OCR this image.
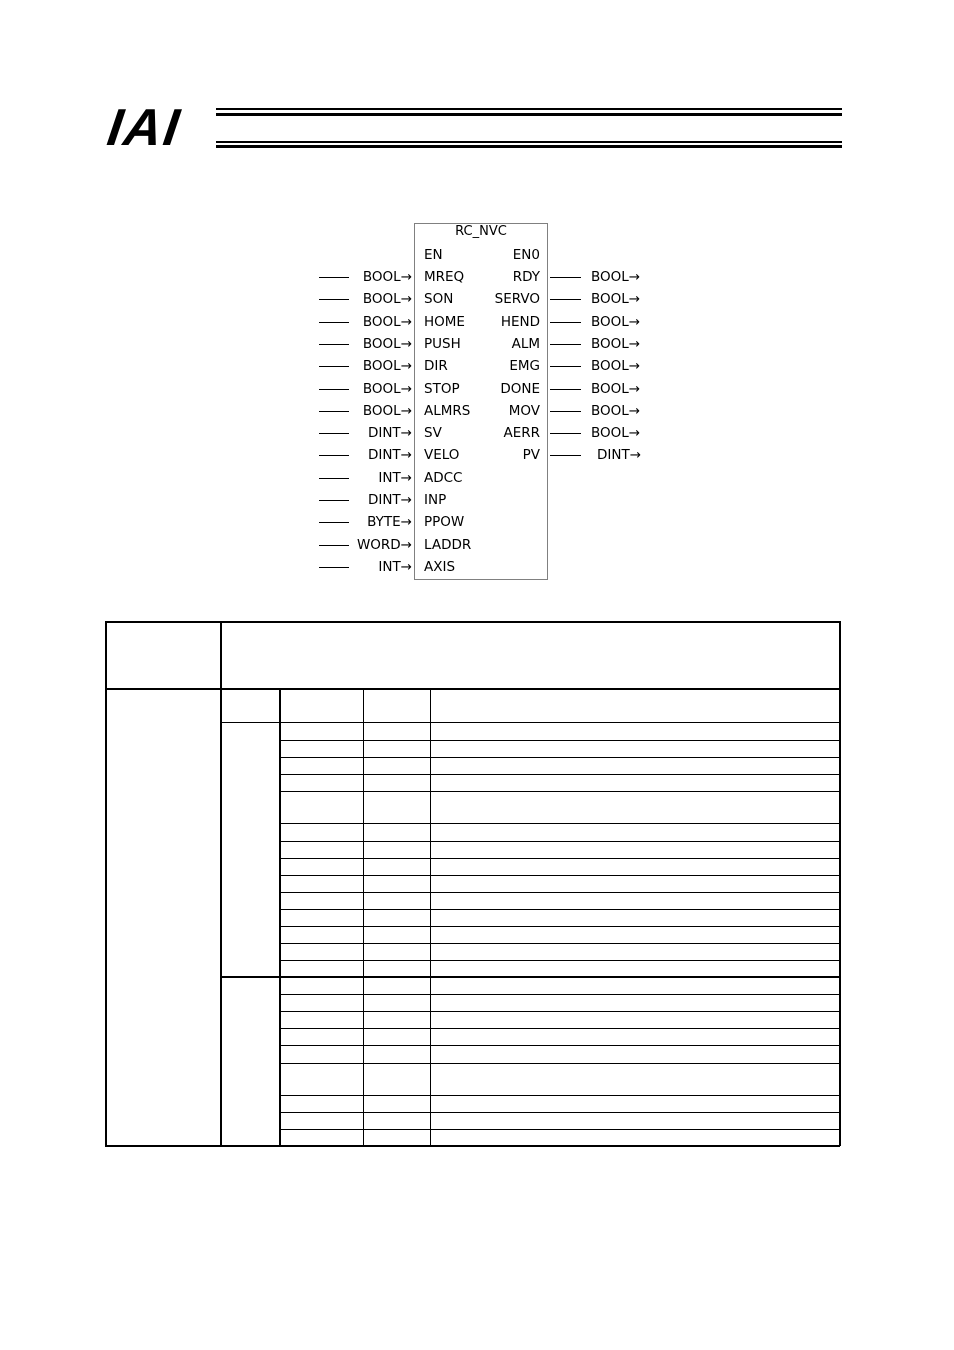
IAI
RC_NVC
EN	EN0
BOOL→ MREQ
BOOL→ SON
BOOL→ HOME
BOOL→ PUSH
BOOL→ DIR
BOOL→ STOP
BOOL→ ALMRS
DINT→ SV
DINT→ VELO
INT→ ADCC
DINT→ INP
BYTE→ PPOW
WORD→ LADDR
INT→ AXIS
RDY	BOOL→
SERVO	BOOL→
HEND	BOOL→
ALM	BOOL→
EMG	BOOL→
DONE	BOOL→
MOV	BOOL→
AERR	BOOL→
PV	DINT→
